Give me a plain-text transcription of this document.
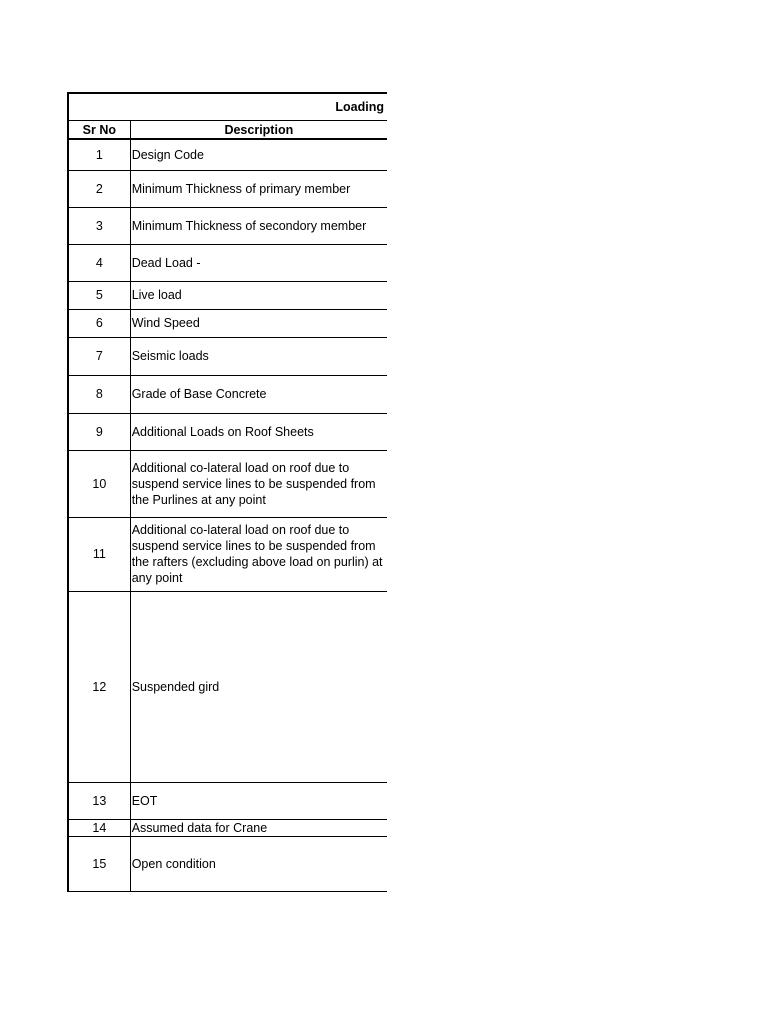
Loading	
Sr No	Description
1	Design Code
2	Minimum Thickness of primary member
3	Minimum Thickness of secondory member
4	Dead Load -
5	Live load
6	Wind Speed
7	Seismic loads
8	Grade of Base Concrete
9	Additional Loads on Roof Sheets
10	Additional co-lateral load on roof due to suspend service lines to be suspended from the Purlines at any point
11	Additional co-lateral load on roof due to suspend service lines to be suspended from the rafters (excluding above load on purlin) at any point
12	Suspended gird
13	EOT
14	Assumed data for Crane
15	Open condition
